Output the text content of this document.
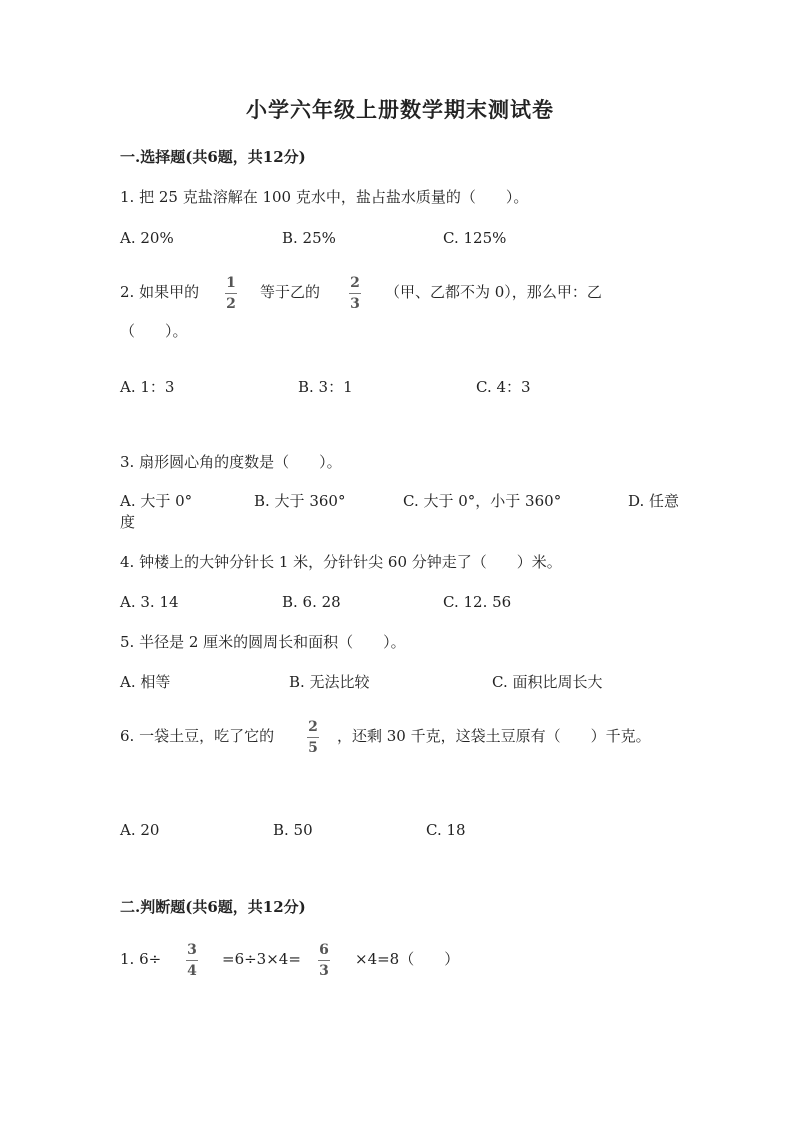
小学六年级上册数学期末测试卷
一.选择题(共6题，共12分)
1. 把 25 克盐溶解在 100 克水中，盐占盐水质量的（　　）。
A. 20%	B. 25%	C. 125%
2. 如果甲的 1
2
等于乙的 2
3
（甲、乙都不为 0），那么甲：乙
（　　）。
A. 1：3	B. 3：1	C. 4：3
3. 扇形圆心角的度数是（　　）。
A. 大于 0°	B. 大于 360°	C. 大于 0°，小于 360°	D. 任意
度
4. 钟楼上的大钟分针长 1 米，分针针尖 60 分钟走了（　　）米。
A. 3. 14	B. 6. 28	C. 12. 56
5. 半径是 2 厘米的圆周长和面积（　　）。
A. 相等	B. 无法比较	C. 面积比周长大
6. 一袋土豆，吃了它的 2
5
，还剩 30 千克，这袋土豆原有（　　）千克。
A. 20	B. 50	C. 18
二.判断题(共6题，共12分)
1. 6÷ 3
4
=6÷3×4= 6
3
×4=8（　　）
